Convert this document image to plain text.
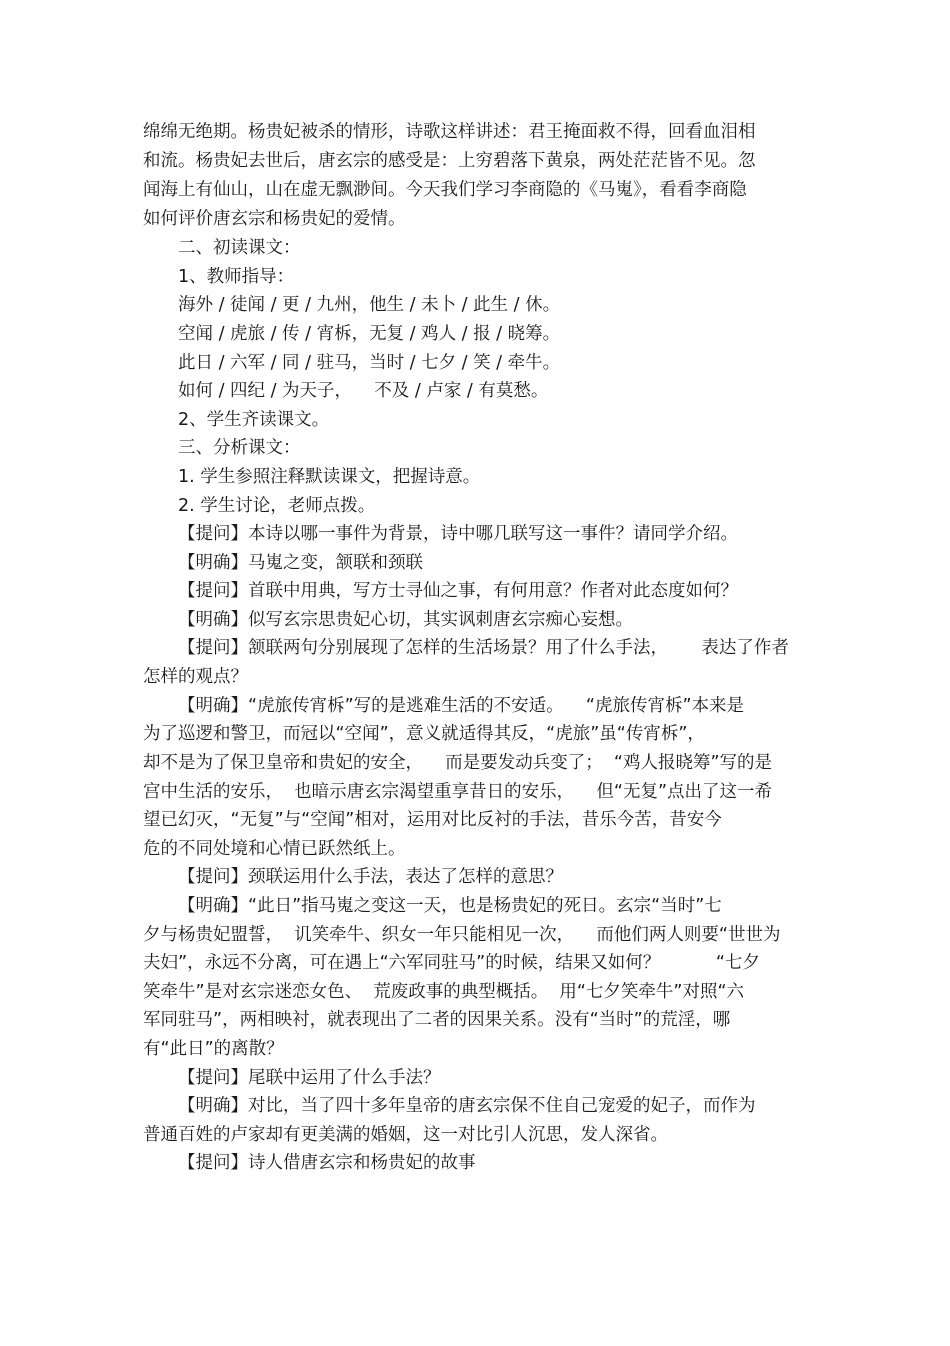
绵绵无绝期。杨贵妃被杀的情形，诗歌这样讲述：君王掩面救不得，回看血泪相

和流。杨贵妃去世后，唐玄宗的感受是：上穷碧落下黄泉，两处茫茫皆不见。忽

闻海上有仙山，山在虚无飘渺间。今天我们学习李商隐的《马嵬》，看看李商隐

如何评价唐玄宗和杨贵妃的爱情。

二、初读课文：

1、教师指导：

海外 / 徒闻 / 更 / 九州，他生 / 未卜 / 此生 / 休。

空闻 / 虎旅 / 传 / 宵柝，无复 / 鸡人 / 报 / 晓筹。

此日 / 六军 / 同 / 驻马，当时 / 七夕 / 笑 / 牵牛。

如何 / 四纪 / 为天子，    不及 / 卢家 / 有莫愁。

2、学生齐读课文。

三、分析课文：

1. 学生参照注释默读课文，把握诗意。

2. 学生讨论，老师点拨。

【提问】本诗以哪一事件为背景，诗中哪几联写这一事件？请同学介绍。

【明确】马嵬之变，颔联和颈联

【提问】首联中用典，写方士寻仙之事，有何用意？作者对此态度如何？

【明确】似写玄宗思贵妃心切，其实讽刺唐玄宗痴心妄想。

【提问】颔联两句分别展现了怎样的生活场景？用了什么手法，      表达了作者

怎样的观点？

【明确】“虎旅传宵柝”写的是逃难生活的不安适。    “虎旅传宵柝”本来是

为了巡逻和警卫，而冠以“空闻”，意义就适得其反，“虎旅”虽“传宵柝”，

却不是为了保卫皇帝和贵妃的安全，    而是要发动兵变了；  “鸡人报晓筹”写的是

宫中生活的安乐，  也暗示唐玄宗渴望重享昔日的安乐，    但“无复”点出了这一希

望已幻灭，“无复”与“空闻”相对，运用对比反衬的手法，昔乐今苦，昔安今

危的不同处境和心情已跃然纸上。

【提问】颈联运用什么手法，表达了怎样的意思？

【明确】“此日”指马嵬之变这一天，也是杨贵妃的死日。玄宗“当时”七

夕与杨贵妃盟誓，  讥笑牵牛、织女一年只能相见一次，    而他们两人则要“世世为

夫妇”，永远不分离，可在遇上“六军同驻马”的时候，结果又如何？          “七夕

笑牵牛”是对玄宗迷恋女色、  荒废政事的典型概括。  用“七夕笑牵牛”对照“六

军同驻马”，两相映衬，就表现出了二者的因果关系。没有“当时”的荒淫，哪

有“此日”的离散？

【提问】尾联中运用了什么手法？

【明确】对比，当了四十多年皇帝的唐玄宗保不住自己宠爱的妃子，而作为

普通百姓的卢家却有更美满的婚姻，这一对比引人沉思，发人深省。

【提问】诗人借唐玄宗和杨贵妃的故事
